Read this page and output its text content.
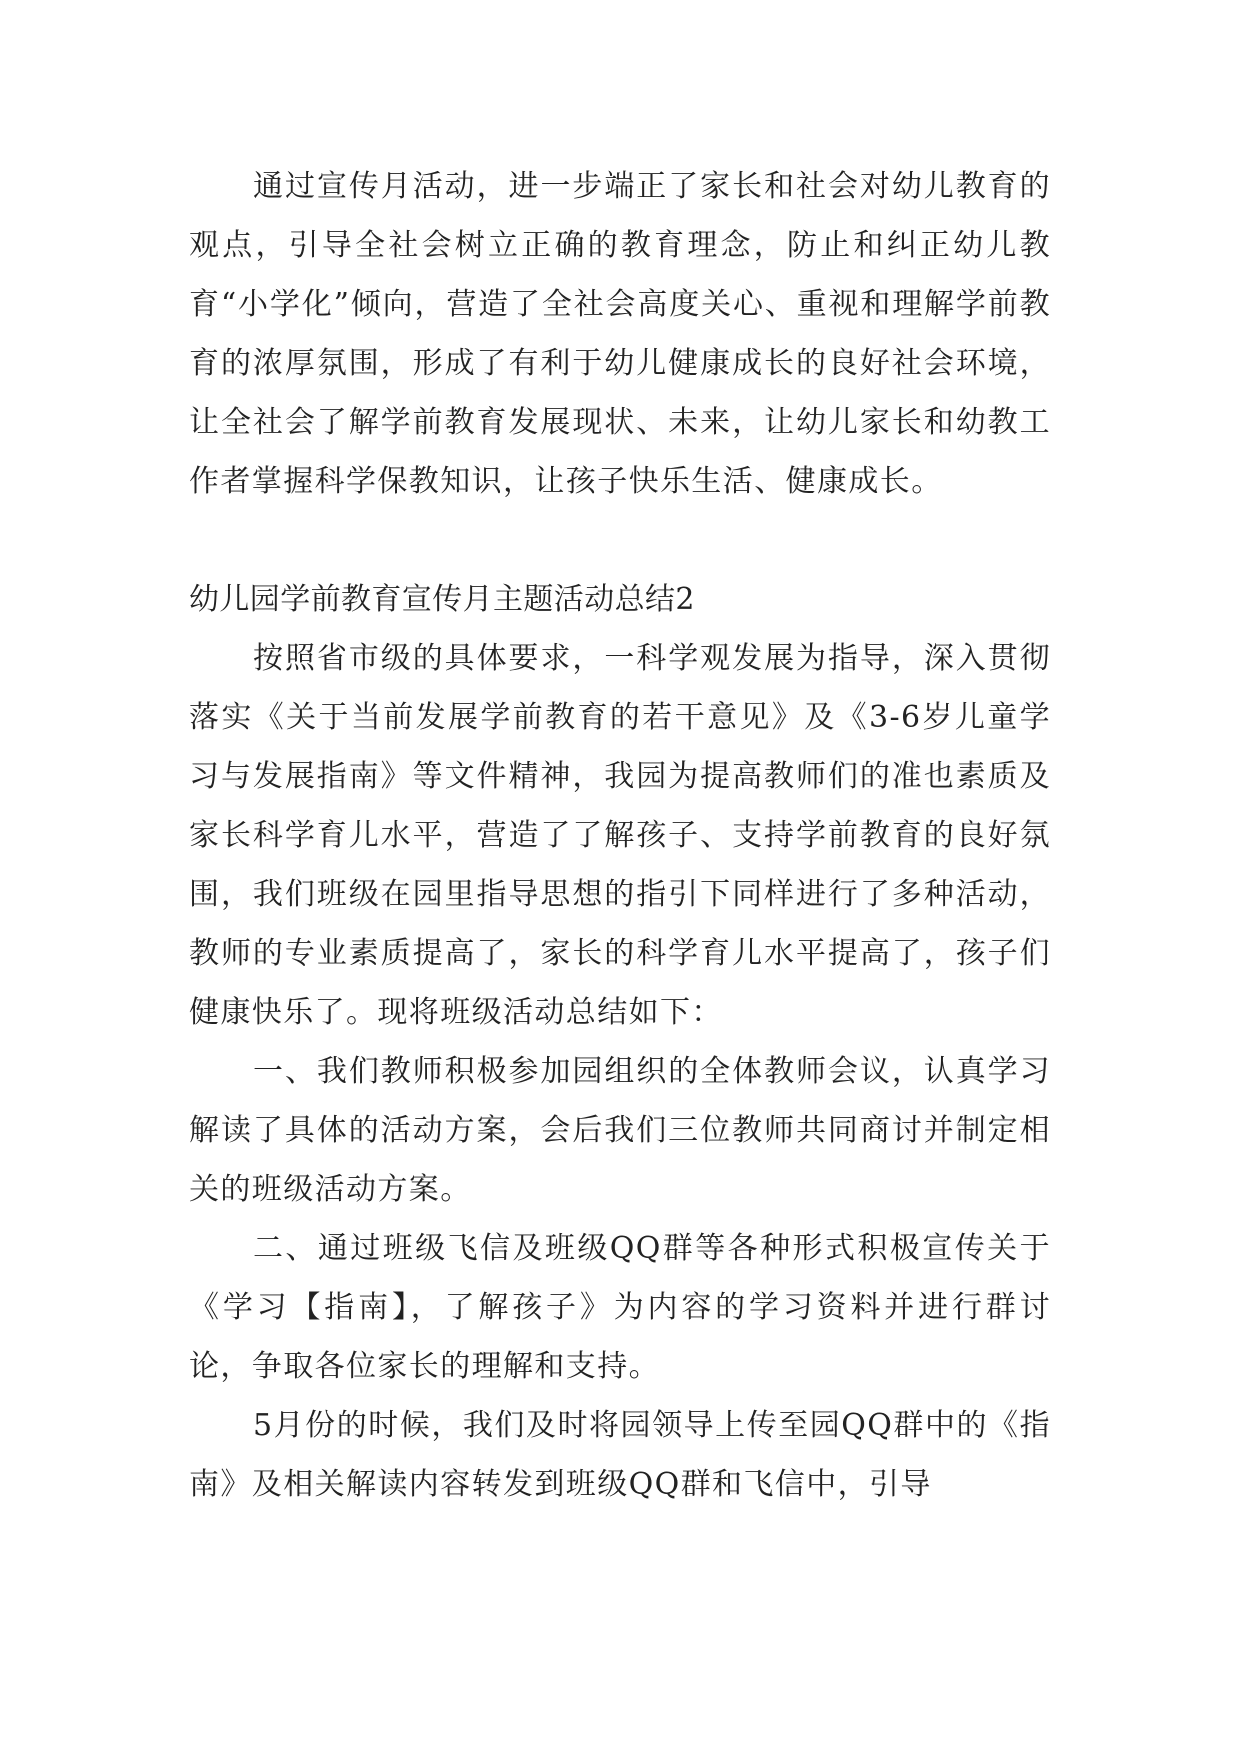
通过宣传月活动，进一步端正了家长和社会对幼儿教育的观点，引导全社会树立正确的教育理念，防止和纠正幼儿教育“小学化”倾向，营造了全社会高度关心、重视和理解学前教育的浓厚氛围，形成了有利于幼儿健康成长的良好社会环境，让全社会了解学前教育发展现状、未来，让幼儿家长和幼教工作者掌握科学保教知识，让孩子快乐生活、健康成长。

幼儿园学前教育宣传月主题活动总结2

按照省市级的具体要求，一科学观发展为指导，深入贯彻落实《关于当前发展学前教育的若干意见》及《3-6岁儿童学习与发展指南》等文件精神，我园为提高教师们的准也素质及家长科学育儿水平，营造了了解孩子、支持学前教育的良好氛围，我们班级在园里指导思想的指引下同样进行了多种活动，教师的专业素质提高了，家长的科学育儿水平提高了，孩子们健康快乐了。现将班级活动总结如下：

一、我们教师积极参加园组织的全体教师会议，认真学习解读了具体的活动方案，会后我们三位教师共同商讨并制定相关的班级活动方案。

二、通过班级飞信及班级QQ群等各种形式积极宣传关于《学习【指南】，了解孩子》为内容的学习资料并进行群讨论，争取各位家长的理解和支持。

5月份的时候，我们及时将园领导上传至园QQ群中的《指南》及相关解读内容转发到班级QQ群和飞信中，引导
